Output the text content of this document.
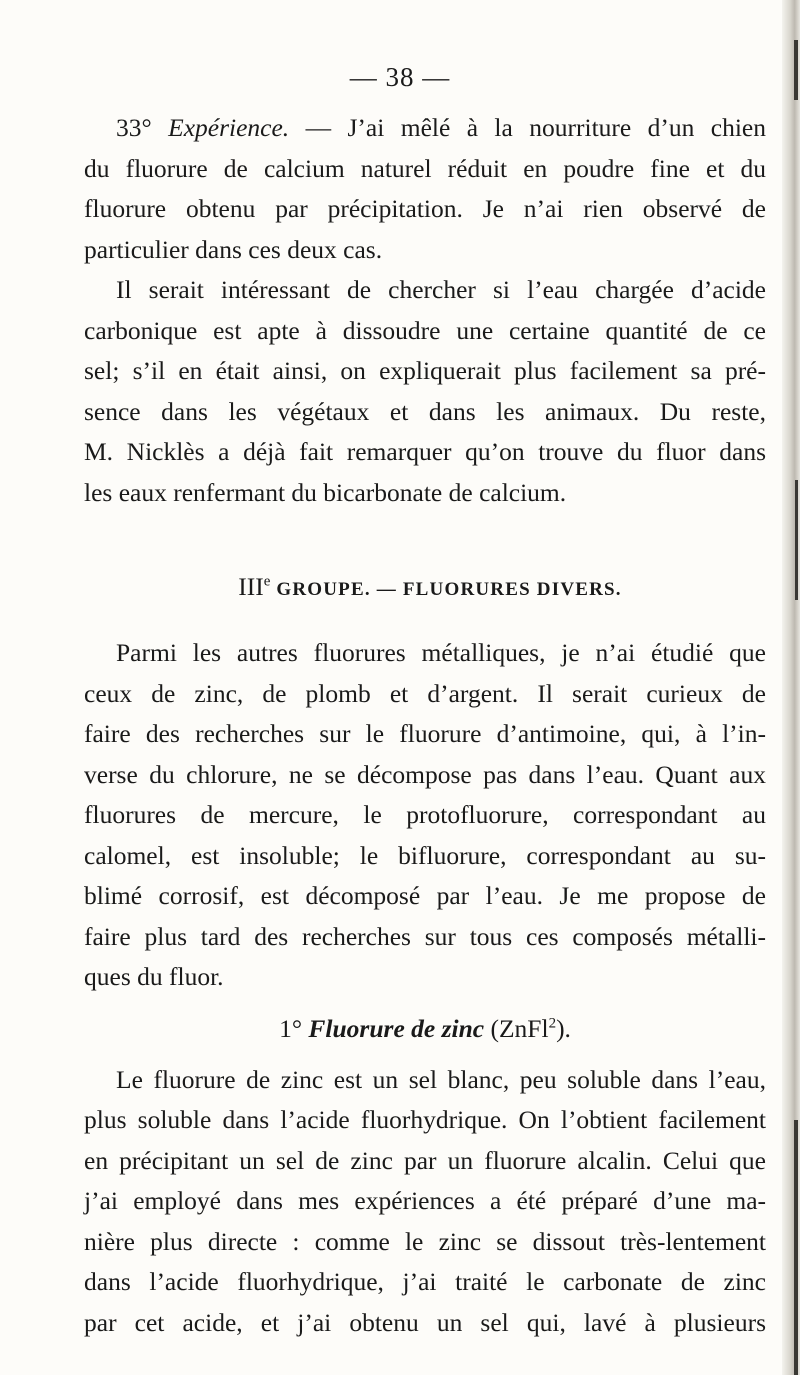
— 38 —
33° Expérience. — J’ai mêlé à la nourriture d’un chien
du fluorure de calcium naturel réduit en poudre fine et du
fluorure obtenu par précipitation. Je n’ai rien observé de
particulier dans ces deux cas.
Il serait intéressant de chercher si l’eau chargée d’acide
carbonique est apte à dissoudre une certaine quantité de ce
sel; s’il en était ainsi, on expliquerait plus facilement sa pré-
sence dans les végétaux et dans les animaux. Du reste,
M. Nicklès a déjà fait remarquer qu’on trouve du fluor dans
les eaux renfermant du bicarbonate de calcium.
IIIe GROUPE. — FLUORURES DIVERS.
Parmi les autres fluorures métalliques, je n’ai étudié que
ceux de zinc, de plomb et d’argent. Il serait curieux de
faire des recherches sur le fluorure d’antimoine, qui, à l’in-
verse du chlorure, ne se décompose pas dans l’eau. Quant aux
fluorures de mercure, le protofluorure, correspondant au
calomel, est insoluble; le bifluorure, correspondant au su-
blimé corrosif, est décomposé par l’eau. Je me propose de
faire plus tard des recherches sur tous ces composés métalli-
ques du fluor.
1° Fluorure de zinc (ZnFl$^2$).
Le fluorure de zinc est un sel blanc, peu soluble dans l’eau,
plus soluble dans l’acide fluorhydrique. On l’obtient facilement
en précipitant un sel de zinc par un fluorure alcalin. Celui que
j’ai employé dans mes expériences a été préparé d’une ma-
nière plus directe : comme le zinc se dissout très-lentement
dans l’acide fluorhydrique, j’ai traité le carbonate de zinc
par cet acide, et j’ai obtenu un sel qui, lavé à plusieurs
